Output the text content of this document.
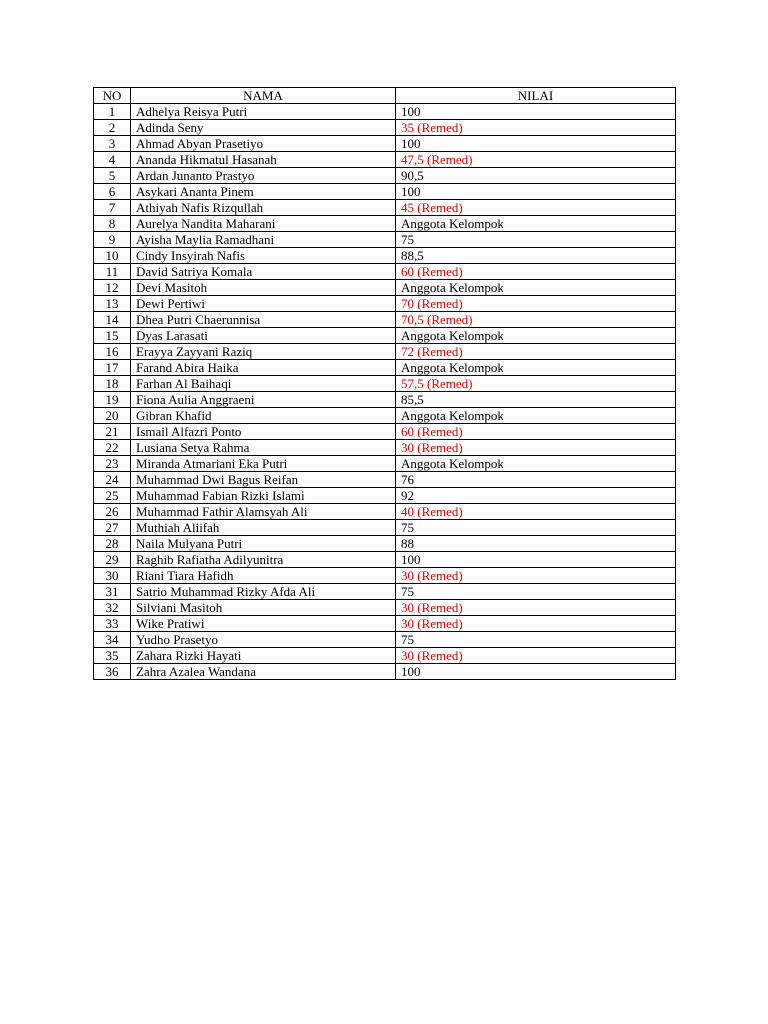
NO	NAMA	NILAI
1	Adhelya Reisya Putri	100
2	Adinda Seny	35 (Remed)
3	Ahmad Abyan Prasetiyo	100
4	Ananda Hikmatul Hasanah	47,5 (Remed)
5	Ardan Junanto Prastyo	90,5
6	Asykari Ananta Pinem	100
7	Athiyah Nafis Rizqullah	45 (Remed)
8	Aurelya Nandita Maharani	Anggota Kelompok
9	Ayisha Maylia Ramadhani	75
10	Cindy Insyirah Nafis	88,5
11	David Satriya Komala	60 (Remed)
12	Devi Masitoh	Anggota Kelompok
13	Dewi Pertiwi	70 (Remed)
14	Dhea Putri Chaerunnisa	70,5 (Remed)
15	Dyas Larasati	Anggota Kelompok
16	Erayya Zayyani Raziq	72 (Remed)
17	Farand Abira Haika	Anggota Kelompok
18	Farhan Al Baihaqi	57,5 (Remed)
19	Fiona Aulia Anggraeni	85,5
20	Gibran Khafid	Anggota Kelompok
21	Ismail Alfazri Ponto	60 (Remed)
22	Lusiana Setya Rahma	30 (Remed)
23	Miranda Atmariani Eka Putri	Anggota Kelompok
24	Muhammad Dwi Bagus Reifan	76
25	Muhammad Fabian Rizki Islami	92
26	Muhammad Fathir Alamsyah Ali	40 (Remed)
27	Muthiah Aliifah	75
28	Naila Mulyana Putri	88
29	Raghib Rafiatha Adilyunitra	100
30	Riani Tiara Hafidh	30 (Remed)
31	Satrio Muhammad Rizky Afda Ali	75
32	Silviani Masitoh	30 (Remed)
33	Wike Pratiwi	30 (Remed)
34	Yudho Prasetyo	75
35	Zahara Rizki Hayati	30 (Remed)
36	Zahra Azalea Wandana	100
